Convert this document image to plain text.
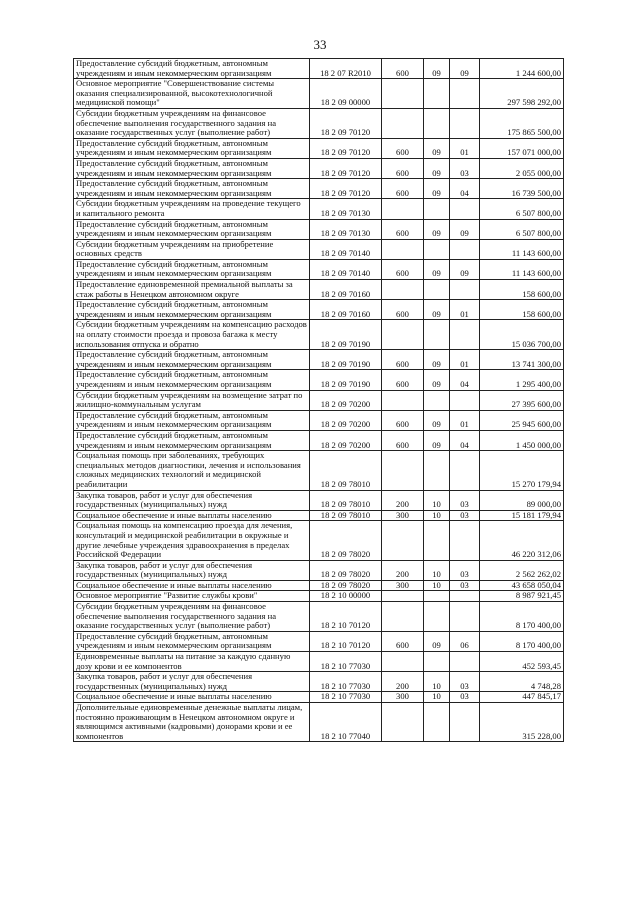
33
Предоставление субсидий бюджетным, автономным учреждениям и иным некоммерческим организациям	18 2 07 R2010	600	09	09	1 244 600,00
Основное мероприятие "Совершенствование системы оказания специализированной, высокотехнологичной медицинской помощи"	18 2 09 00000				297 598 292,00
Субсидии бюджетным учреждениям на финансовое обеспечение выполнения государственного задания на оказание государственных услуг (выполнение работ)	18 2 09 70120				175 865 500,00
Предоставление субсидий бюджетным, автономным учреждениям и иным некоммерческим организациям	18 2 09 70120	600	09	01	157 071 000,00
Предоставление субсидий бюджетным, автономным учреждениям и иным некоммерческим организациям	18 2 09 70120	600	09	03	2 055 000,00
Предоставление субсидий бюджетным, автономным учреждениям и иным некоммерческим организациям	18 2 09 70120	600	09	04	16 739 500,00
Субсидии бюджетным учреждениям на проведение текущего и капитального ремонта	18 2 09 70130				6 507 800,00
Предоставление субсидий бюджетным, автономным учреждениям и иным некоммерческим организациям	18 2 09 70130	600	09	09	6 507 800,00
Субсидии бюджетным учреждениям на приобретение основных средств	18 2 09 70140				11 143 600,00
Предоставление субсидий бюджетным, автономным учреждениям и иным некоммерческим организациям	18 2 09 70140	600	09	09	11 143 600,00
Предоставление единовременной премиальной выплаты за стаж работы в Ненецком автономном округе	18 2 09 70160				158 600,00
Предоставление субсидий бюджетным, автономным учреждениям и иным некоммерческим организациям	18 2 09 70160	600	09	01	158 600,00
Субсидии бюджетным учреждениям на компенсацию расходов на оплату стоимости проезда и провоза багажа к месту использования отпуска и обратно	18 2 09 70190				15 036 700,00
Предоставление субсидий бюджетным, автономным учреждениям и иным некоммерческим организациям	18 2 09 70190	600	09	01	13 741 300,00
Предоставление субсидий бюджетным, автономным учреждениям и иным некоммерческим организациям	18 2 09 70190	600	09	04	1 295 400,00
Субсидии бюджетным учреждениям на возмещение затрат по жилищно-коммунальным услугам	18 2 09 70200				27 395 600,00
Предоставление субсидий бюджетным, автономным учреждениям и иным некоммерческим организациям	18 2 09 70200	600	09	01	25 945 600,00
Предоставление субсидий бюджетным, автономным учреждениям и иным некоммерческим организациям	18 2 09 70200	600	09	04	1 450 000,00
Социальная помощь при заболеваниях, требующих специальных методов диагностики, лечения и использования сложных медицинских технологий и медицинской реабилитации	18 2 09 78010				15 270 179,94
Закупка товаров, работ и услуг для обеспечения государственных (муниципальных) нужд	18 2 09 78010	200	10	03	89 000,00
Социальное обеспечение и иные выплаты населению	18 2 09 78010	300	10	03	15 181 179,94
Социальная помощь на компенсацию проезда для лечения, консультаций и медицинской реабилитации в окружные и другие лечебные учреждения здравоохранения в пределах Российской Федерации	18 2 09 78020				46 220 312,06
Закупка товаров, работ и услуг для обеспечения государственных (муниципальных) нужд	18 2 09 78020	200	10	03	2 562 262,02
Социальное обеспечение и иные выплаты населению	18 2 09 78020	300	10	03	43 658 050,04
Основное мероприятие "Развитие службы крови"	18 2 10 00000				8 987 921,45
Субсидии бюджетным учреждениям на финансовое обеспечение выполнения государственного задания на оказание государственных услуг (выполнение работ)	18 2 10 70120				8 170 400,00
Предоставление субсидий бюджетным, автономным учреждениям и иным некоммерческим организациям	18 2 10 70120	600	09	06	8 170 400,00
Единовременные выплаты на питание за каждую сданную дозу крови и ее компонентов	18 2 10 77030				452 593,45
Закупка товаров, работ и услуг для обеспечения государственных (муниципальных) нужд	18 2 10 77030	200	10	03	4 748,28
Социальное обеспечение и иные выплаты населению	18 2 10 77030	300	10	03	447 845,17
Дополнительные единовременные денежные выплаты лицам, постоянно проживающим в Ненецком автономном округе и являющимся активными (кадровыми) донорами крови и ее компонентов	18 2 10 77040				315 228,00
